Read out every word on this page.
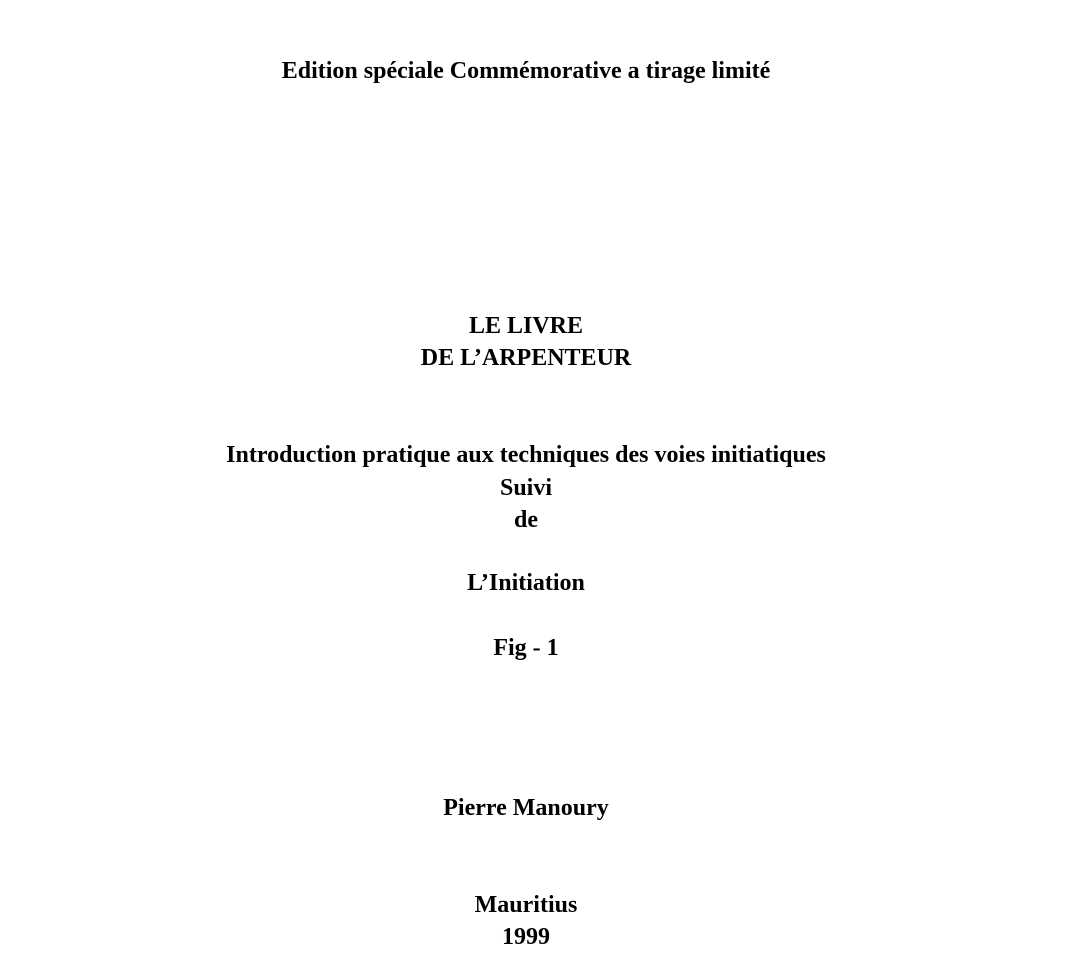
Edition spéciale Commémorative a tirage limité
LE LIVRE
DE L’ARPENTEUR
Introduction pratique aux techniques des voies initiatiques
Suivi
de
L’Initiation
Fig - 1
Pierre Manoury
Mauritius
1999
